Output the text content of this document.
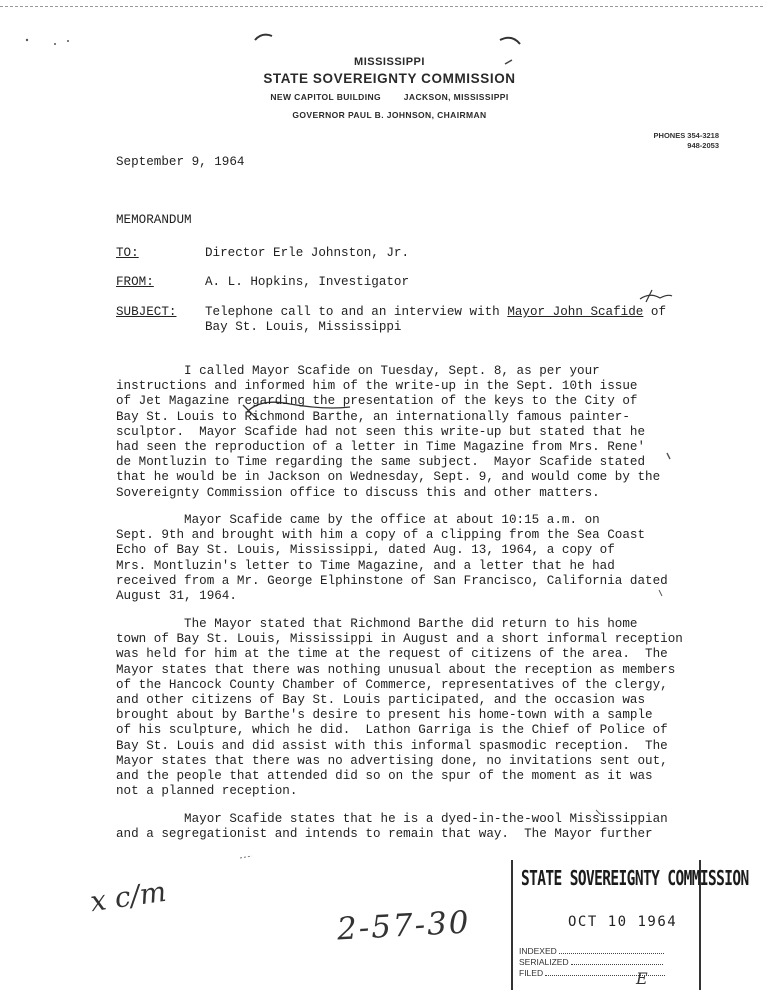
MISSISSIPPI
STATE SOVEREIGNTY COMMISSION
NEW CAPITOL BUILDING	JACKSON, MISSISSIPPI
GOVERNOR PAUL B. JOHNSON, CHAIRMAN
PHONES 354-3218
948-2053
September 9, 1964
MEMORANDUM
TO:	Director Erle Johnston, Jr.
FROM:	A. L. Hopkins, Investigator
SUBJECT: Telephone call to and an interview with Mayor John Scafide of
Bay St. Louis, Mississippi
I called Mayor Scafide on Tuesday, Sept. 8, as per your
instructions and informed him of the write-up in the Sept. 10th issue
of Jet Magazine regarding the presentation of the keys to the City of
Bay St. Louis to Richmond Barthe, an internationally famous painter-
sculptor.  Mayor Scafide had not seen this write-up but stated that he
had seen the reproduction of a letter in Time Magazine from Mrs. Rene'
de Montluzin to Time regarding the same subject.  Mayor Scafide stated
that he would be in Jackson on Wednesday, Sept. 9, and would come by the
Sovereignty Commission office to discuss this and other matters.
Mayor Scafide came by the office at about 10:15 a.m. on
Sept. 9th and brought with him a copy of a clipping from the Sea Coast
Echo of Bay St. Louis, Mississippi, dated Aug. 13, 1964, a copy of
Mrs. Montluzin's letter to Time Magazine, and a letter that he had
received from a Mr. George Elphinstone of San Francisco, California dated
August 31, 1964.
The Mayor stated that Richmond Barthe did return to his home
town of Bay St. Louis, Mississippi in August and a short informal reception
was held for him at the time at the request of citizens of the area.  The
Mayor states that there was nothing unusual about the reception as members
of the Hancock County Chamber of Commerce, representatives of the clergy,
and other citizens of Bay St. Louis participated, and the occasion was
brought about by Barthe's desire to present his home-town with a sample
of his sculpture, which he did.  Lathon Garriga is the Chief of Police of
Bay St. Louis and did assist with this informal spasmodic reception.  The
Mayor states that there was no advertising done, no invitations sent out,
and the people that attended did so on the spur of the moment as it was
not a planned reception.
Mayor Scafide states that he is a dyed-in-the-wool Mississippian
and a segregationist and intends to remain that way.  The Mayor further
x c/m
2-57-30
STATE SOVEREIGNTY COMMISSION
OCT 10 1964
INDEXED
SERIALIZED
FILED	E
